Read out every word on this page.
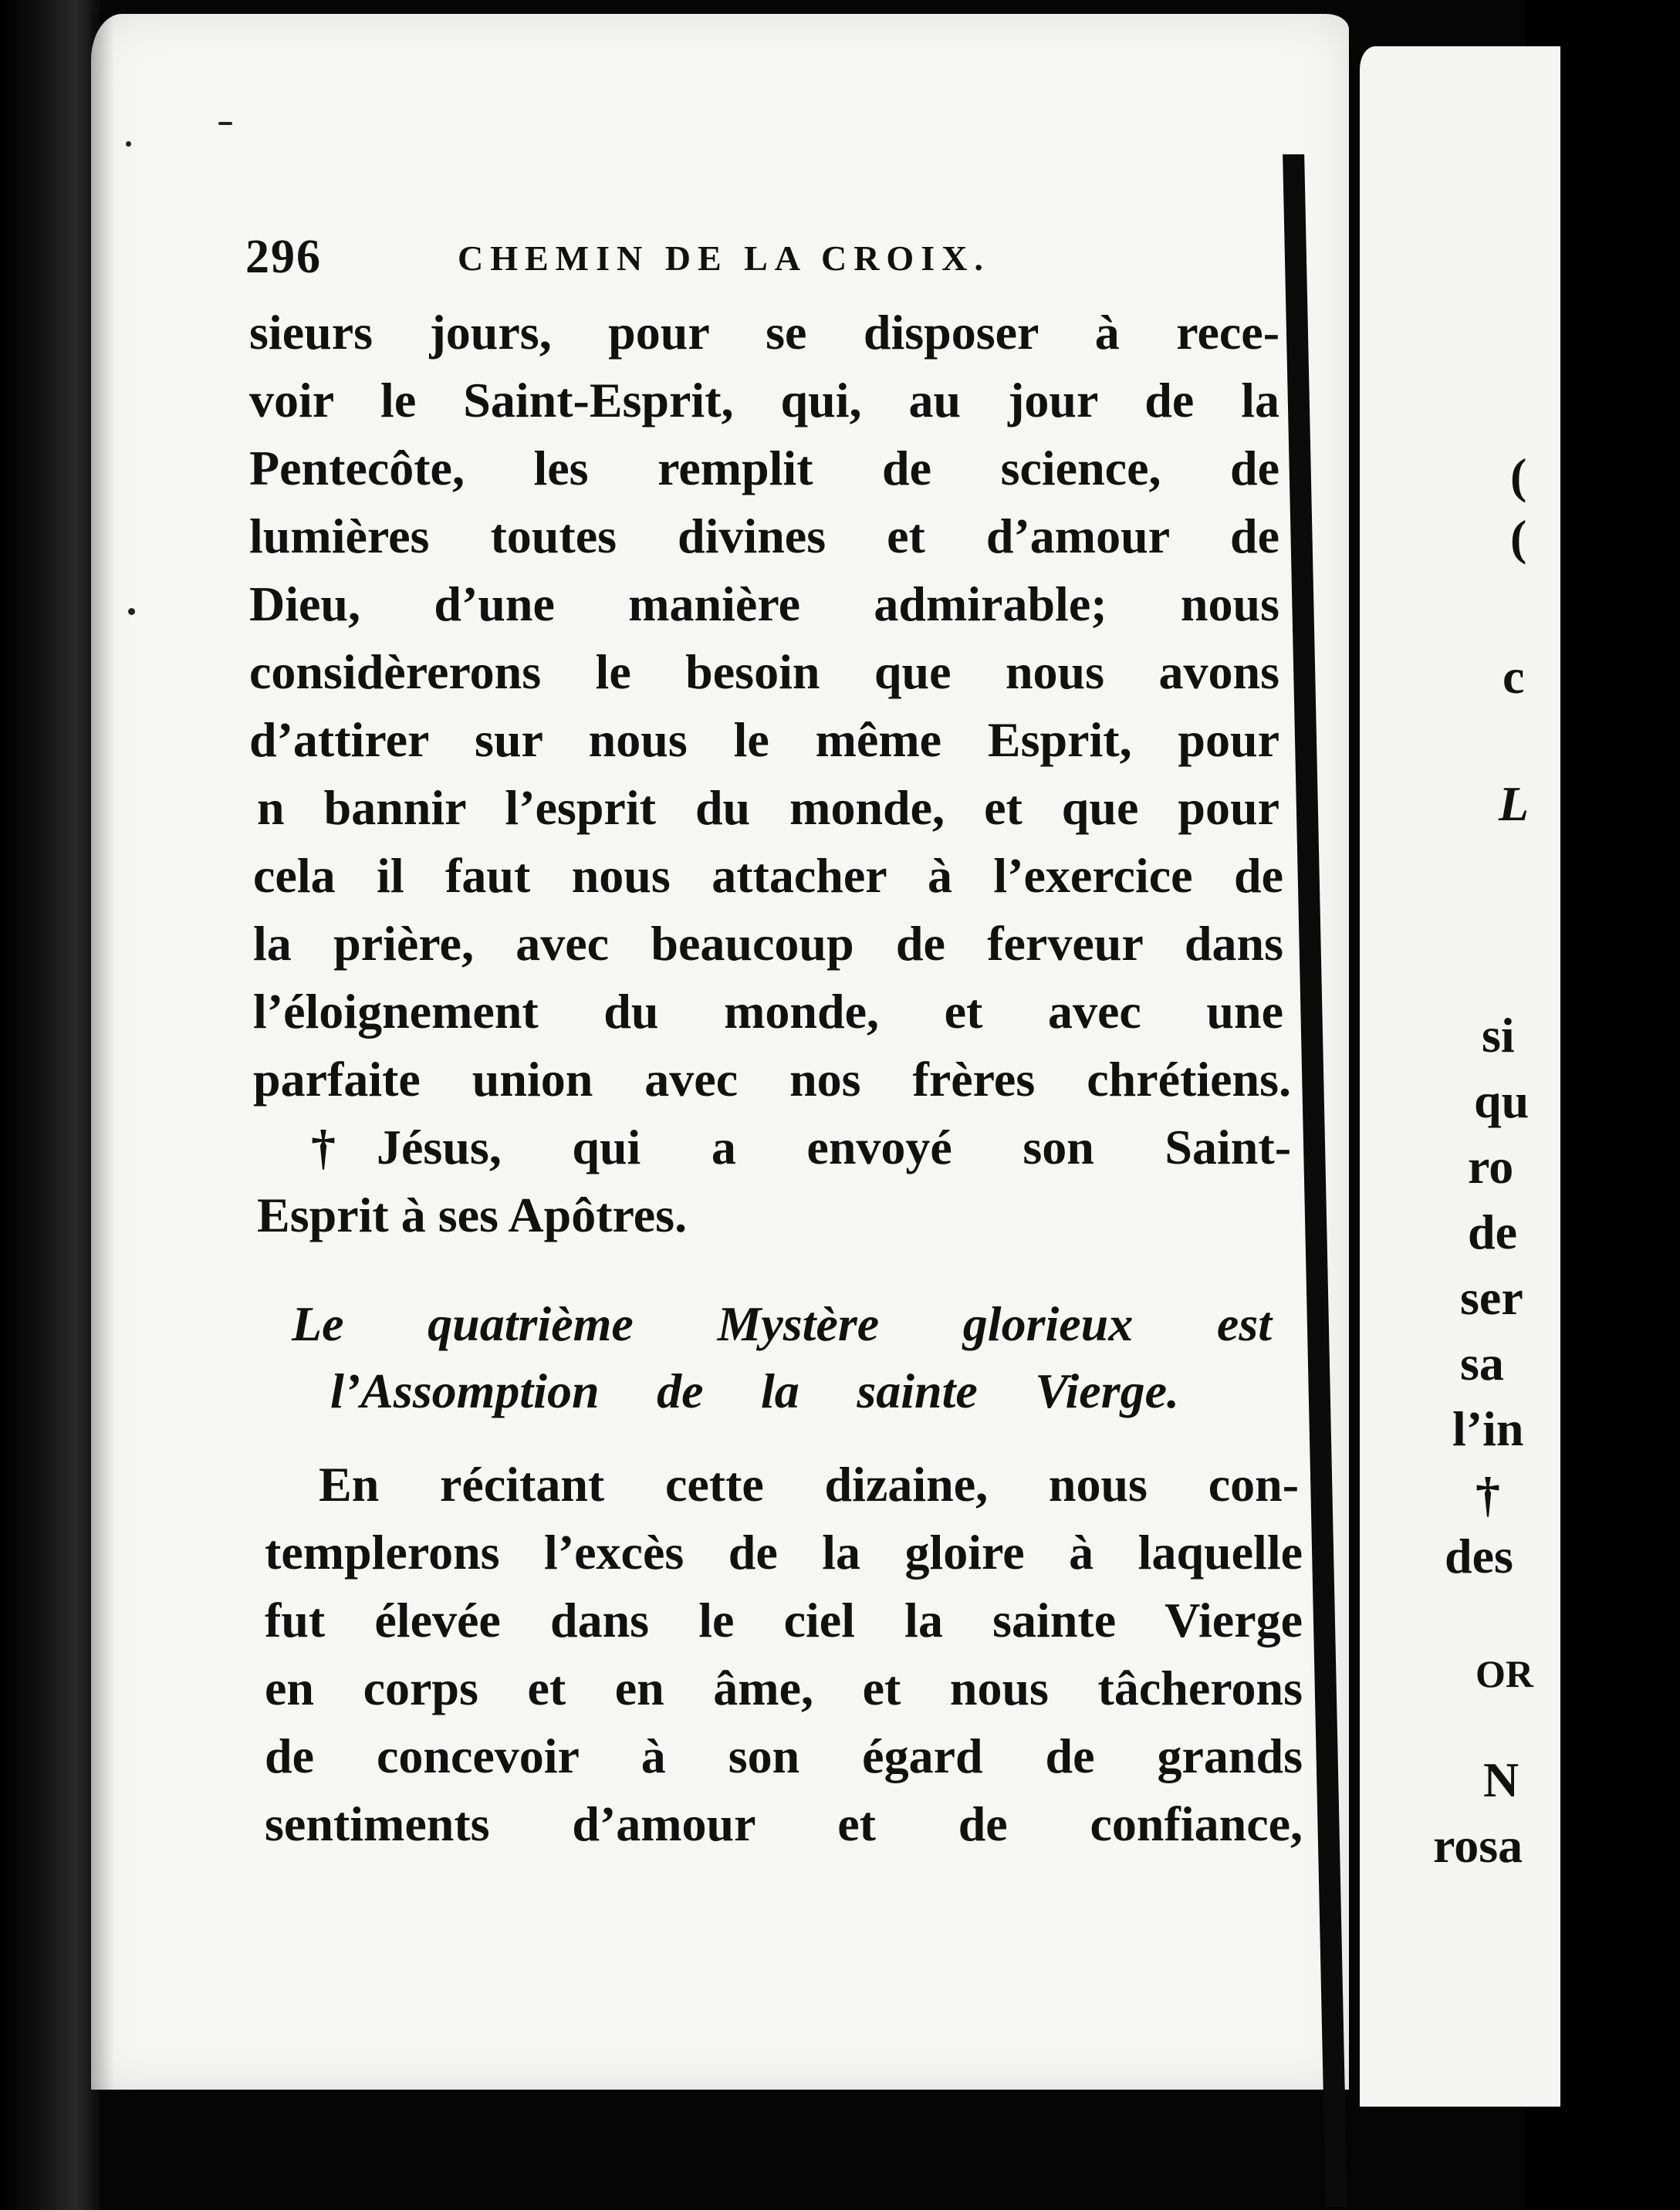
296	CHEMIN DE LA CROIX.
sieurs jours, pour se disposer à rece-
voir le Saint-Esprit, qui, au jour de la
Pentecôte, les remplit de science, de
lumières toutes divines et d’amour de
Dieu, d’une manière admirable; nous
considèrerons le besoin que nous avons
d’attirer sur nous le même Esprit, pour
n bannir l’esprit du monde, et que pour
cela il faut nous attacher à l’exercice de
la prière, avec beaucoup de ferveur dans
l’éloignement du monde, et avec une
parfaite union avec nos frères chrétiens.
† Jésus, qui a envoyé son Saint-
Esprit à ses Apôtres.
Le quatrième Mystère glorieux est
l’Assomption de la sainte Vierge.
En récitant cette dizaine, nous con-
templerons l’excès de la gloire à laquelle
fut élevée dans le ciel la sainte Vierge
en corps et en âme, et nous tâcherons
de concevoir à son égard de grands
sentiments d’amour et de confiance,
(
(
c
L
si
qu
ro
de
ser
sa
l’in
†
des
OR
N
rosa
